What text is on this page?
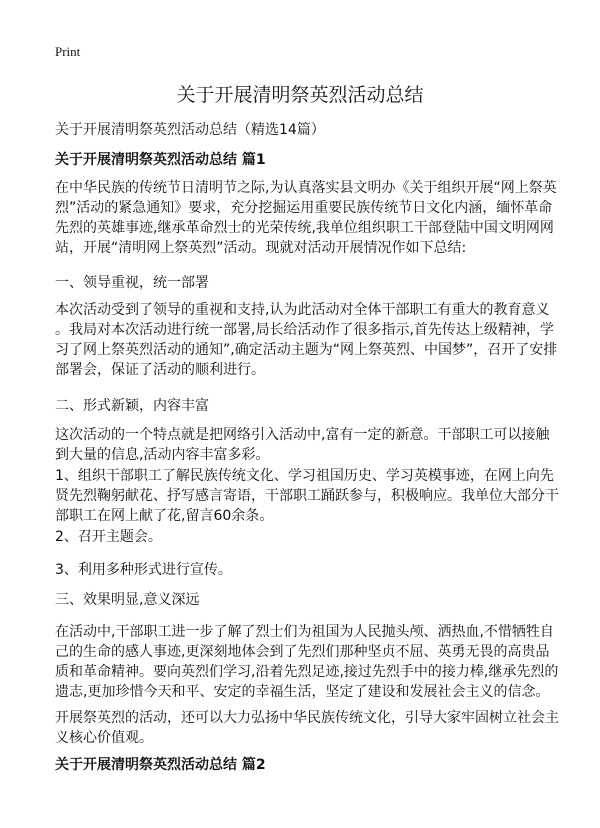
Print
关于开展清明祭英烈活动总结
关于开展清明祭英烈活动总结（精选14篇）
关于开展清明祭英烈活动总结 篇1
在中华民族的传统节日清明节之际,为认真落实县文明办《关于组织开展“网上祭英
烈”活动的紧急通知》要求，充分挖掘运用重要民族传统节日文化内涵，缅怀革命
先烈的英雄事迹,继承革命烈士的光荣传统,我单位组织职工干部登陆中国文明网网
站，开展“清明网上祭英烈”活动。现就对活动开展情况作如下总结:
一、领导重视，统一部署
本次活动受到了领导的重视和支持,认为此活动对全体干部职工有重大的教育意义
。我局对本次活动进行统一部署,局长给活动作了很多指示,首先传达上级精神，学
习了网上祭英烈活动的通知”,确定活动主题为“网上祭英烈、中国梦”，召开了安排
部署会，保证了活动的顺利进行。
二、形式新颖，内容丰富
这次活动的一个特点就是把网络引入活动中,富有一定的新意。干部职工可以接触
到大量的信息,活动内容丰富多彩。
1、组织干部职工了解民族传统文化、学习祖国历史、学习英模事迹，在网上向先
贤先烈鞠躬献花、抒写感言寄语，干部职工踊跃参与，积极响应。我单位大部分干
部职工在网上献了花,留言60余条。
2、召开主题会。
3、利用多种形式进行宣传。
三、效果明显,意义深远
在活动中,干部职工进一步了解了烈士们为祖国为人民抛头颅、洒热血,不惜牺牲自
己的生命的感人事迹,更深刻地体会到了先烈们那种坚贞不屈、英勇无畏的高贵品
质和革命精神。要向英烈们学习,沿着先烈足迹,接过先烈手中的接力棒,继承先烈的
遗志,更加珍惜今天和平、安定的幸福生活，坚定了建设和发展社会主义的信念。
开展祭英烈的活动，还可以大力弘扬中华民族传统文化，引导大家牢固树立社会主
义核心价值观。
关于开展清明祭英烈活动总结 篇2
